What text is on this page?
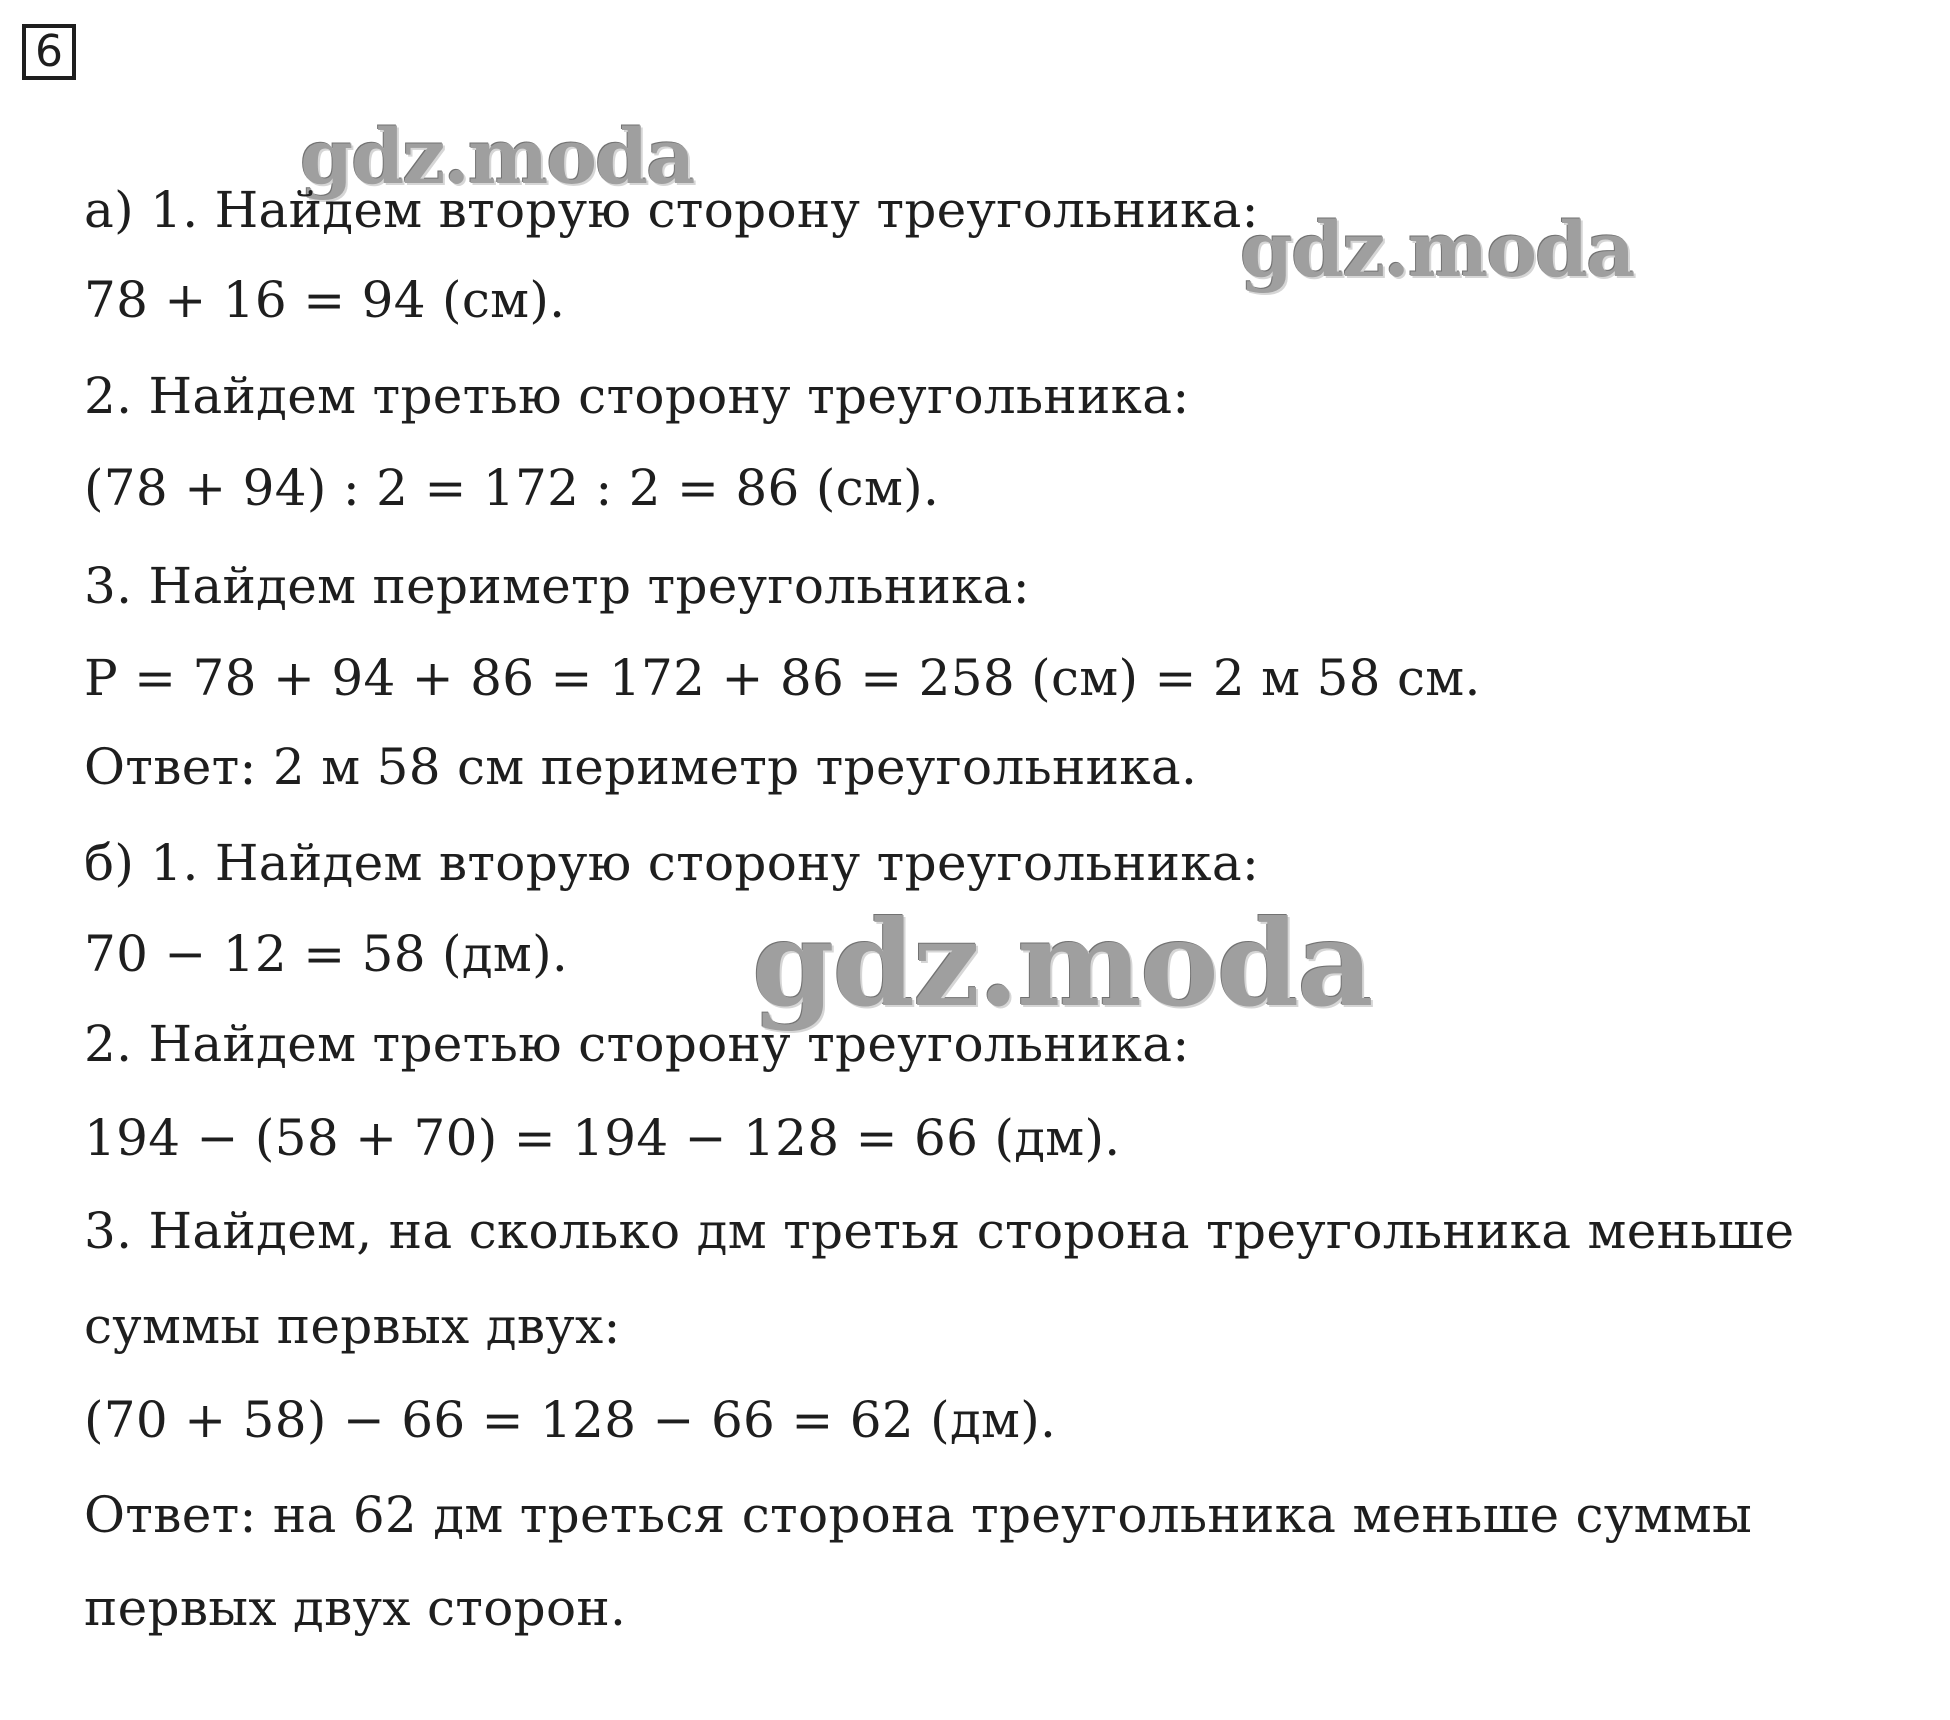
6
gdz.moda
gdz.moda
gdz.moda
а) 1. Найдем вторую сторону треугольника:
78 + 16 = 94 (см).
2. Найдем третью сторону треугольника:
(78 + 94) : 2 = 172 : 2 = 86 (см).
3. Найдем периметр треугольника:
P = 78 + 94 + 86 = 172 + 86 = 258 (см) = 2 м 58 см.
Ответ: 2 м 58 см периметр треугольника.
б) 1. Найдем вторую сторону треугольника:
70 − 12 = 58 (дм).
2. Найдем третью сторону треугольника:
194 − (58 + 70) = 194 − 128 = 66 (дм).
3. Найдем, на сколько дм третья сторона треугольника меньше
суммы первых двух:
(70 + 58) − 66 = 128 − 66 = 62 (дм).
Ответ: на 62 дм треться сторона треугольника меньше суммы
первых двух сторон.
